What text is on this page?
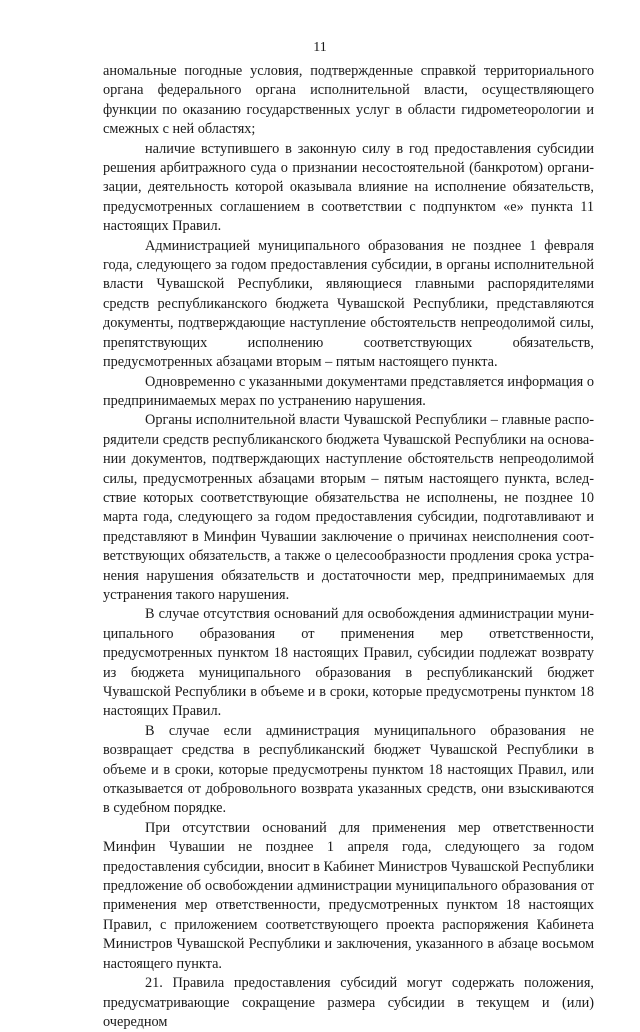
11

аномальные погодные условия, подтвержденные справкой территориального органа федерального органа исполнительной власти, осуществляющего функции по оказанию государственных услуг в области гидрометеорологии и смежных с ней областях;

наличие вступившего в законную силу в год предоставления субсидии решения арбитражного суда о признании несостоятельной (банкротом) организации, деятельность которой оказывала влияние на исполнение обязательств, предусмотренных соглашением в соответствии с подпунктом «е» пункта 11 настоящих Правил.

Администрацией муниципального образования не позднее 1 февраля года, следующего за годом предоставления субсидии, в органы исполнительной власти Чувашской Республики, являющиеся главными распорядителями средств республиканского бюджета Чувашской Республики, представляются документы, подтверждающие наступление обстоятельств непреодолимой силы, препятствующих исполнению соответствующих обязательств, предусмотренных абзацами вторым – пятым настоящего пункта.

Одновременно с указанными документами представляется информация о предпринимаемых мерах по устранению нарушения.

Органы исполнительной власти Чувашской Республики – главные распорядители средств республиканского бюджета Чувашской Республики на основании документов, подтверждающих наступление обстоятельств непреодолимой силы, предусмотренных абзацами вторым – пятым настоящего пункта, вследствие которых соответствующие обязательства не исполнены, не позднее 10 марта года, следующего за годом предоставления субсидии, подготавливают и представляют в Минфин Чувашии заключение о причинах неисполнения соответствующих обязательств, а также о целесообразности продления срока устранения нарушения обязательств и достаточности мер, предпринимаемых для устранения такого нарушения.

В случае отсутствия оснований для освобождения администрации муниципального образования от применения мер ответственности, предусмотренных пунктом 18 настоящих Правил, субсидии подлежат возврату из бюджета муниципального образования в республиканский бюджет Чувашской Республики в объеме и в сроки, которые предусмотрены пунктом 18 настоящих Правил.

В случае если администрация муниципального образования не возвращает средства в республиканский бюджет Чувашской Республики в объеме и в сроки, которые предусмотрены пунктом 18 настоящих Правил, или отказывается от добровольного возврата указанных средств, они взыскиваются в судебном порядке.

При отсутствии оснований для применения мер ответственности Минфин Чувашии не позднее 1 апреля года, следующего за годом предоставления субсидии, вносит в Кабинет Министров Чувашской Республики предложение об освобождении администрации муниципального образования от применения мер ответственности, предусмотренных пунктом 18 настоящих Правил, с приложением соответствующего проекта распоряжения Кабинета Министров Чувашской Республики и заключения, указанного в абзаце восьмом настоящего пункта.

21. Правила предоставления субсидий могут содержать положения, предусматривающие сокращение размера субсидии в текущем и (или) очередном
